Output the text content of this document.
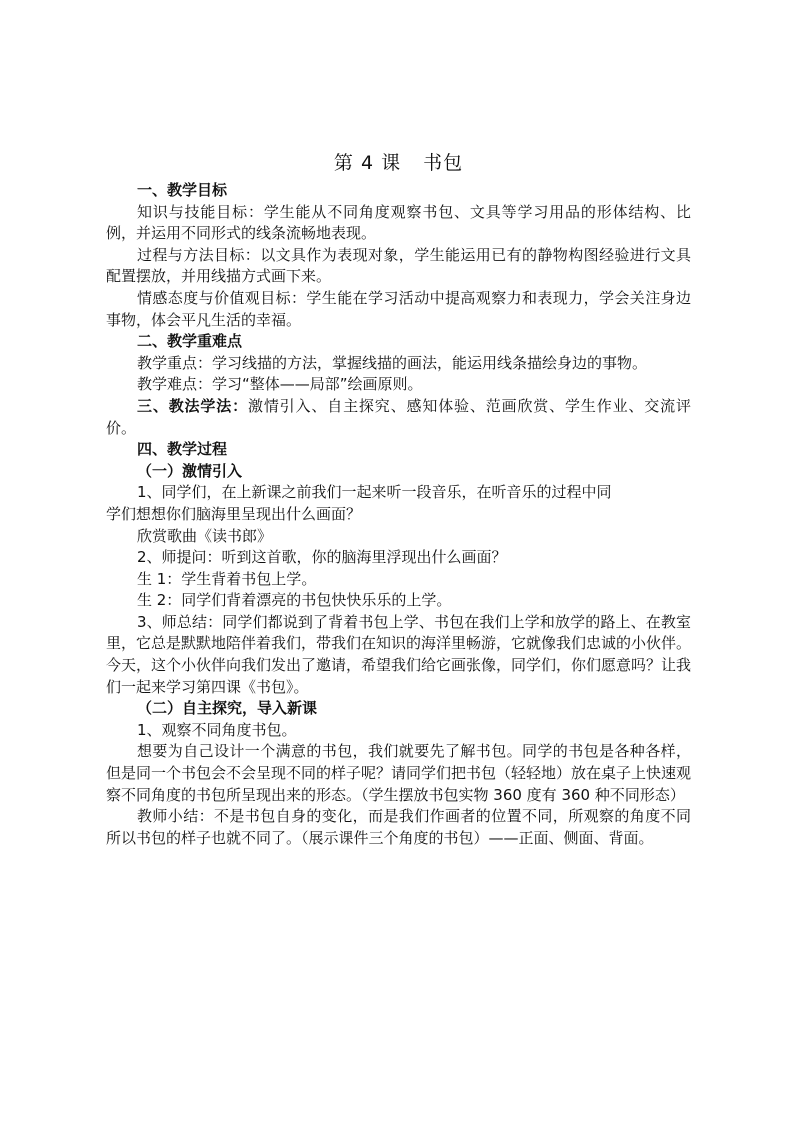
第 4 课 书包

一、教学目标

知识与技能目标：学生能从不同角度观察书包、文具等学习用品的形体结构、比例，并运用不同形式的线条流畅地表现。

过程与方法目标：以文具作为表现对象，学生能运用已有的静物构图经验进行文具配置摆放，并用线描方式画下来。

情感态度与价值观目标：学生能在学习活动中提高观察力和表现力，学会关注身边事物，体会平凡生活的幸福。

二、教学重难点

教学重点：学习线描的方法，掌握线描的画法，能运用线条描绘身边的事物。

教学难点：学习“整体——局部”绘画原则。

三、教法学法：激情引入、自主探究、感知体验、范画欣赏、学生作业、交流评价。

四、教学过程

（一）激情引入

1、同学们，在上新课之前我们一起来听一段音乐，在听音乐的过程中同

学们想想你们脑海里呈现出什么画面？

欣赏歌曲《读书郎》

2、师提问：听到这首歌，你的脑海里浮现出什么画面？

生 1：学生背着书包上学。

生 2：同学们背着漂亮的书包快快乐乐的上学。

3、师总结：同学们都说到了背着书包上学、书包在我们上学和放学的路上、在教室里，它总是默默地陪伴着我们，带我们在知识的海洋里畅游，它就像我们忠诚的小伙伴。今天，这个小伙伴向我们发出了邀请，希望我们给它画张像，同学们，你们愿意吗？让我们一起来学习第四课《书包》。

（二）自主探究，导入新课

1、观察不同角度书包。

想要为自己设计一个满意的书包，我们就要先了解书包。同学的书包是各种各样，但是同一个书包会不会呈现不同的样子呢？请同学们把书包（轻轻地）放在桌子上快速观察不同角度的书包所呈现出来的形态。（学生摆放书包实物 360 度有 360 种不同形态）

教师小结：不是书包自身的变化，而是我们作画者的位置不同，所观察的角度不同所以书包的样子也就不同了。（展示课件三个角度的书包）——正面、侧面、背面。
